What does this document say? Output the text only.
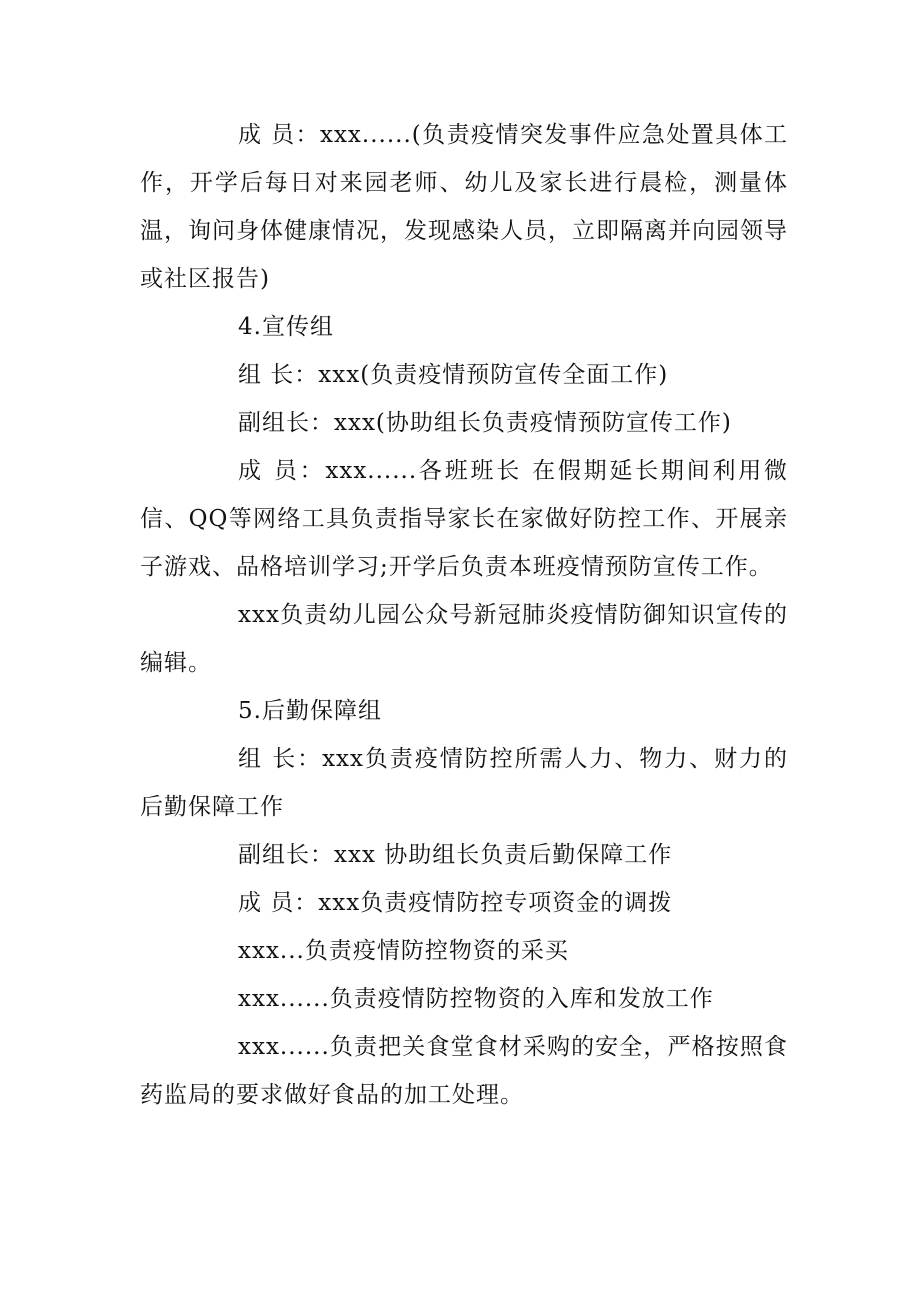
成 员：xxx......(负责疫情突发事件应急处置具体工作，开学后每日对来园老师、幼儿及家长进行晨检，测量体温，询问身体健康情况，发现感染人员，立即隔离并向园领导或社区报告)

4.宣传组

组 长：xxx(负责疫情预防宣传全面工作)

副组长：xxx(协助组长负责疫情预防宣传工作)

成 员：xxx......各班班长 在假期延长期间利用微信、QQ等网络工具负责指导家长在家做好防控工作、开展亲子游戏、品格培训学习;开学后负责本班疫情预防宣传工作。

xxx负责幼儿园公众号新冠肺炎疫情防御知识宣传的编辑。

5.后勤保障组

组 长：xxx负责疫情防控所需人力、物力、财力的后勤保障工作

副组长：xxx 协助组长负责后勤保障工作

成 员：xxx负责疫情防控专项资金的调拨

xxx...负责疫情防控物资的采买

xxx......负责疫情防控物资的入库和发放工作

xxx......负责把关食堂食材采购的安全，严格按照食药监局的要求做好食品的加工处理。
